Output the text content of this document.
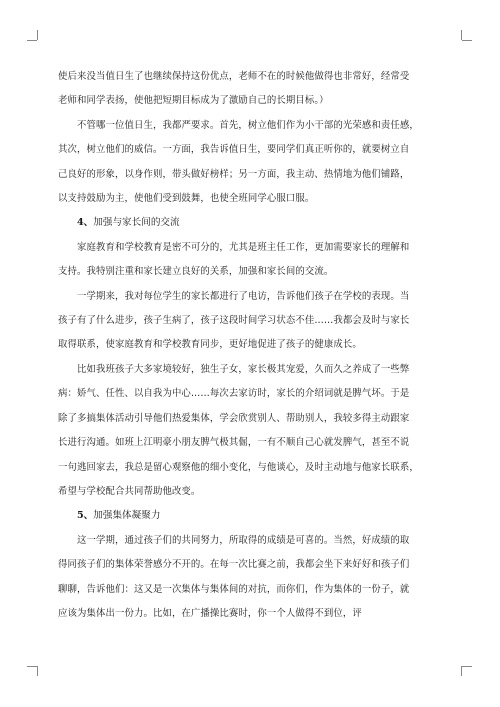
使后来没当值日生了也继续保持这份优点，老师不在的时候他做得也非常好，经常受
老师和同学表扬，使他把短期目标成为了激励自己的长期目标。）
不管哪一位值日生，我都严要求。首先，树立他们作为小干部的光荣感和责任感，
其次，树立他们的威信。一方面，我告诉值日生，要同学们真正听你的，就要树立自
己良好的形象，以身作则，带头做好榜样；另一方面，我主动、热情地为他们铺路，
以支持鼓励为主，使他们受到鼓舞，也使全班同学心服口服。
4、加强与家长间的交流
家庭教育和学校教育是密不可分的，尤其是班主任工作，更加需要家长的理解和
支持。我特别注重和家长建立良好的关系，加强和家长间的交流。
一学期来，我对每位学生的家长都进行了电访，告诉他们孩子在学校的表现。当
孩子有了什么进步，孩子生病了，孩子这段时间学习状态不佳……我都会及时与家长
取得联系，使家庭教育和学校教育同步，更好地促进了孩子的健康成长。
比如我班孩子大多家境较好，独生子女，家长极其宠爱，久而久之养成了一些弊
病：娇气、任性、以自我为中心……每次去家访时，家长的介绍词就是脾气坏。于是
除了多搞集体活动引导他们热爱集体，学会欣赏别人、帮助别人，我较多得主动跟家
长进行沟通。如班上江明豪小朋友脾气极其倔，一有不顺自己心就发脾气，甚至不说
一句逃回家去，我总是留心观察他的细小变化，与他谈心，及时主动地与他家长联系，
希望与学校配合共同帮助他改变。
5、加强集体凝聚力
这一学期，通过孩子们的共同努力，所取得的成绩是可喜的。当然，好成绩的取
得同孩子们的集体荣誉感分不开的。在每一次比赛之前，我都会坐下来好好和孩子们
聊聊，告诉他们：这又是一次集体与集体间的对抗，而你们，作为集体的一份子，就
应该为集体出一份力。比如，在广播操比赛时，你一个人做得不到位，评
